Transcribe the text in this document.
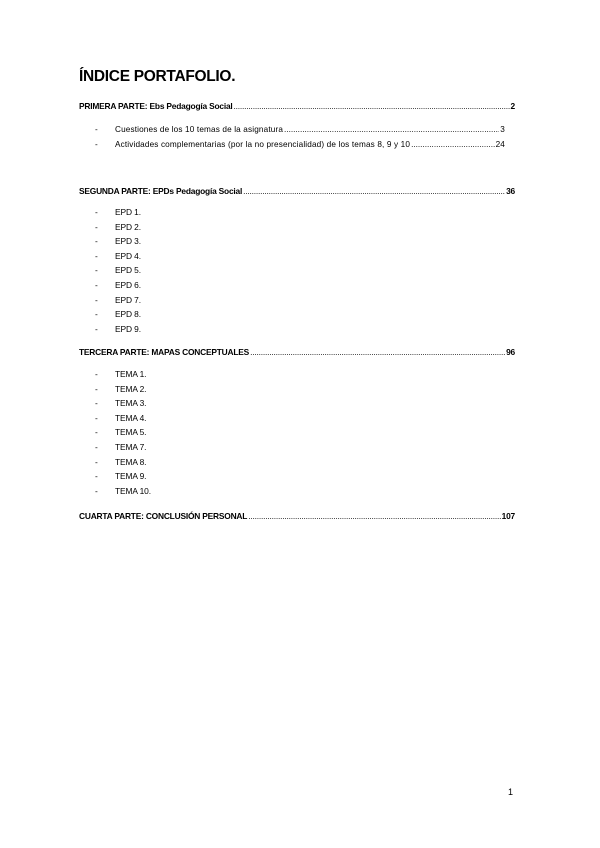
ÍNDICE PORTAFOLIO.
PRIMERA PARTE: Ebs Pedagogía Social .....	2
-	Cuestiones de los 10 temas de la asignatura .....	3
-	Actividades complementarias (por la no presencialidad) de los temas 8, 9 y 10 .....	24
SEGUNDA PARTE: EPDs Pedagogía Social .....	36
-	EPD 1.
-	EPD 2.
-	EPD 3.
-	EPD 4.
-	EPD 5.
-	EPD 6.
-	EPD 7.
-	EPD 8.
-	EPD 9.
TERCERA PARTE: MAPAS CONCEPTUALES .....	96
-	TEMA 1.
-	TEMA 2.
-	TEMA 3.
-	TEMA 4.
-	TEMA 5.
-	TEMA 7.
-	TEMA 8.
-	TEMA 9.
-	TEMA 10.
CUARTA PARTE: CONCLUSIÓN PERSONAL .....	107
1
